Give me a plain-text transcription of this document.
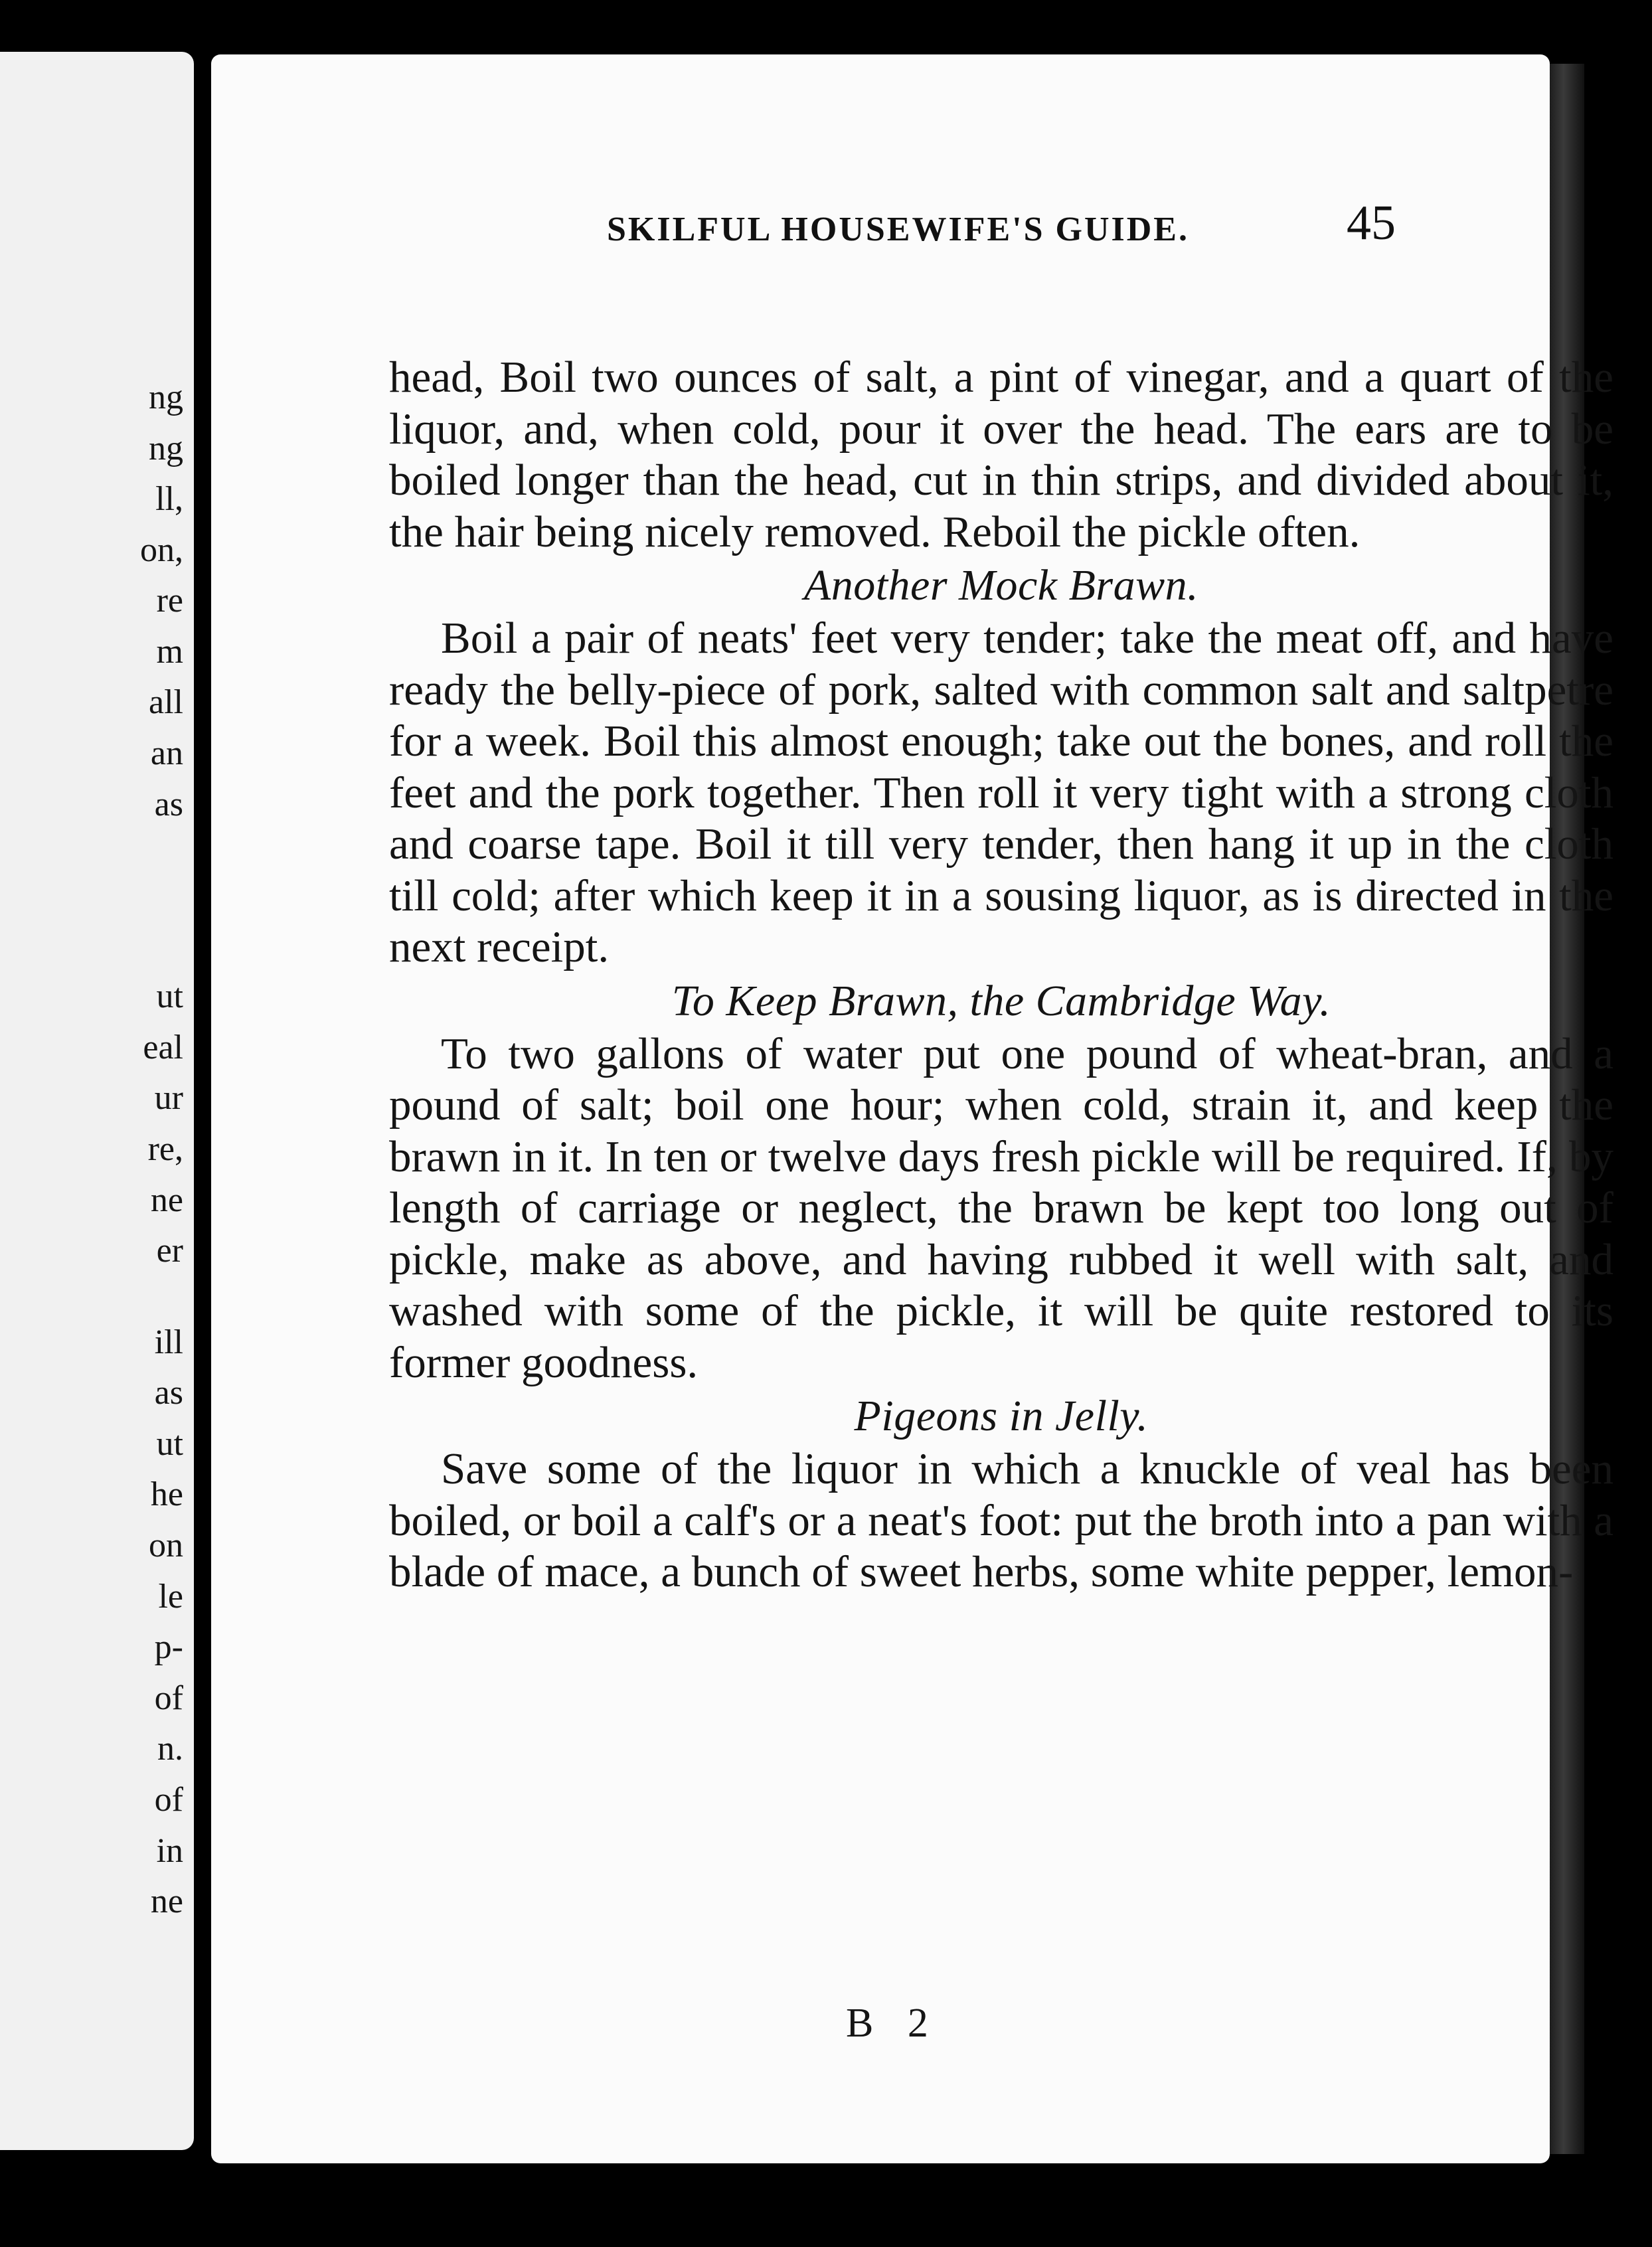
ng
ng
ll,
on,
re
m
all
an
as
ut
eal
ur
re,
ne
er
ill
as
ut
he
on
le
p-
of
n.
of
in
ne
SKILFUL HOUSEWIFE'S GUIDE.	45

head, Boil two ounces of salt, a pint of vinegar, and a quart of the liquor, and, when cold, pour it over the head. The ears are to be boiled longer than the head, cut in thin strips, and divided about it, the hair being nicely removed. Reboil the pickle often.

Another Mock Brawn.

Boil a pair of neats' feet very tender; take the meat off, and have ready the belly-piece of pork, salted with common salt and saltpetre for a week. Boil this almost enough; take out the bones, and roll the feet and the pork together. Then roll it very tight with a strong cloth and coarse tape. Boil it till very tender, then hang it up in the cloth till cold; after which keep it in a sousing liquor, as is directed in the next receipt.

To Keep Brawn, the Cambridge Way.

To two gallons of water put one pound of wheat-bran, and a pound of salt; boil one hour; when cold, strain it, and keep the brawn in it. In ten or twelve days fresh pickle will be required. If, by length of carriage or neglect, the brawn be kept too long out of pickle, make as above, and having rubbed it well with salt, and washed with some of the pickle, it will be quite restored to its former goodness.

Pigeons in Jelly.

Save some of the liquor in which a knuckle of veal has been boiled, or boil a calf's or a neat's foot: put the broth into a pan with a blade of mace, a bunch of sweet herbs, some white pepper, lemon-

B 2
